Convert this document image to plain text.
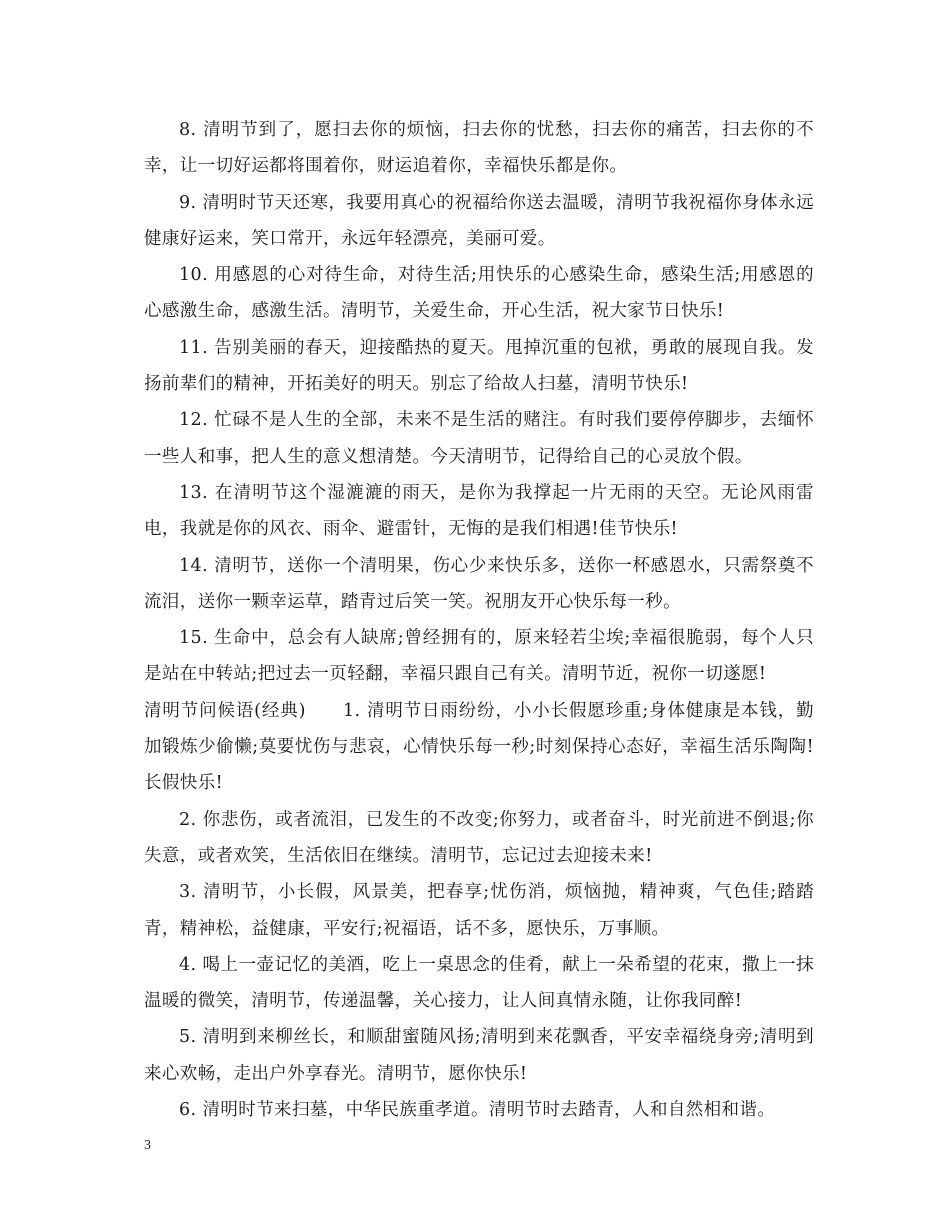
8. 清明节到了，愿扫去你的烦恼，扫去你的忧愁，扫去你的痛苦，扫去你的不幸，让一切好运都将围着你，财运追着你，幸福快乐都是你。

9. 清明时节天还寒，我要用真心的祝福给你送去温暖，清明节我祝福你身体永远健康好运来，笑口常开，永远年轻漂亮，美丽可爱。

10. 用感恩的心对待生命，对待生活;用快乐的心感染生命，感染生活;用感恩的心感激生命，感激生活。清明节，关爱生命，开心生活，祝大家节日快乐!

11. 告别美丽的春天，迎接酷热的夏天。甩掉沉重的包袱，勇敢的展现自我。发扬前辈们的精神，开拓美好的明天。别忘了给故人扫墓，清明节快乐!

12. 忙碌不是人生的全部，未来不是生活的赌注。有时我们要停停脚步，去缅怀一些人和事，把人生的意义想清楚。今天清明节，记得给自己的心灵放个假。

13. 在清明节这个湿漉漉的雨天，是你为我撑起一片无雨的天空。无论风雨雷电，我就是你的风衣、雨伞、避雷针，无悔的是我们相遇!佳节快乐!

14. 清明节，送你一个清明果，伤心少来快乐多，送你一杯感恩水，只需祭奠不流泪，送你一颗幸运草，踏青过后笑一笑。祝朋友开心快乐每一秒。

15. 生命中，总会有人缺席;曾经拥有的，原来轻若尘埃;幸福很脆弱，每个人只是站在中转站;把过去一页轻翻，幸福只跟自己有关。清明节近，祝你一切遂愿!

清明节问候语(经典)　　1. 清明节日雨纷纷，小小长假愿珍重;身体健康是本钱，勤加锻炼少偷懒;莫要忧伤与悲哀，心情快乐每一秒;时刻保持心态好，幸福生活乐陶陶!长假快乐!

2. 你悲伤，或者流泪，已发生的不改变;你努力，或者奋斗，时光前进不倒退;你失意，或者欢笑，生活依旧在继续。清明节，忘记过去迎接未来!

3. 清明节，小长假，风景美，把春享;忧伤消，烦恼抛，精神爽，气色佳;踏踏青，精神松，益健康，平安行;祝福语，话不多，愿快乐，万事顺。

4. 喝上一壶记忆的美酒，吃上一桌思念的佳肴，献上一朵希望的花束，撒上一抹温暖的微笑，清明节，传递温馨，关心接力，让人间真情永随，让你我同醉!

5. 清明到来柳丝长，和顺甜蜜随风扬;清明到来花飘香，平安幸福绕身旁;清明到来心欢畅，走出户外享春光。清明节，愿你快乐!

6. 清明时节来扫墓，中华民族重孝道。清明节时去踏青，人和自然相和谐。

3
